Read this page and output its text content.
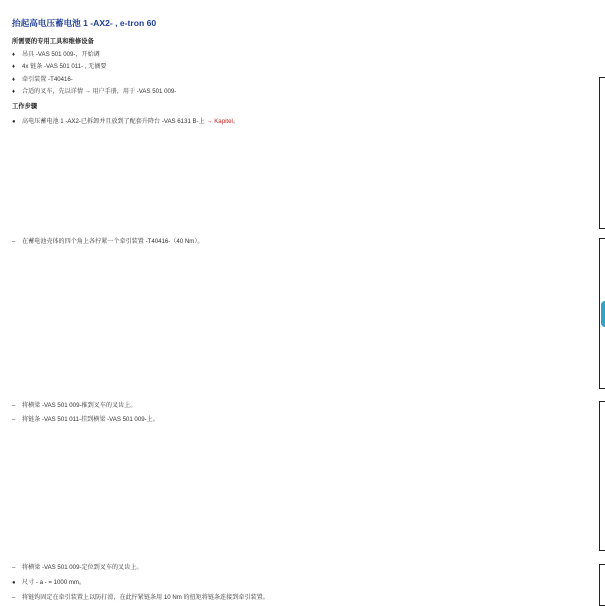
抬起高电压蓄电池 1 -AX2- , e-tron 60
所需要的专用工具和维修设备
♦ 吊具 -VAS 501 009-，开始调
♦ 4x 链条 -VAS 501 011- , 无摘要
♦ 牵引装置 -T40416-
♦ 合适的叉车，先以详情 → 用户手册，用于 -VAS 501 009-
工作步骤
● 高电压蓄电池 1 -AX2-已拆卸并且放到了配套升降台 -VAS 6131 B-上 → Kapitel。
– 在蓄电池壳体的四个角上各拧紧一个牵引装置 -T40416-（40 Nm）。
– 将横梁 -VAS 501 009-推到叉车的叉齿上。
– 将链条 -VAS 501 011-挂到横梁 -VAS 501 009-上。
– 将横梁 -VAS 501 009-定位到叉车的叉齿上。
● 尺寸 - a - = 1000 mm。
– 将链钩固定在牵引装置上以防打滑，在此拧紧链条用 10 Nm 的扭矩将链条连接到牵引装置。
